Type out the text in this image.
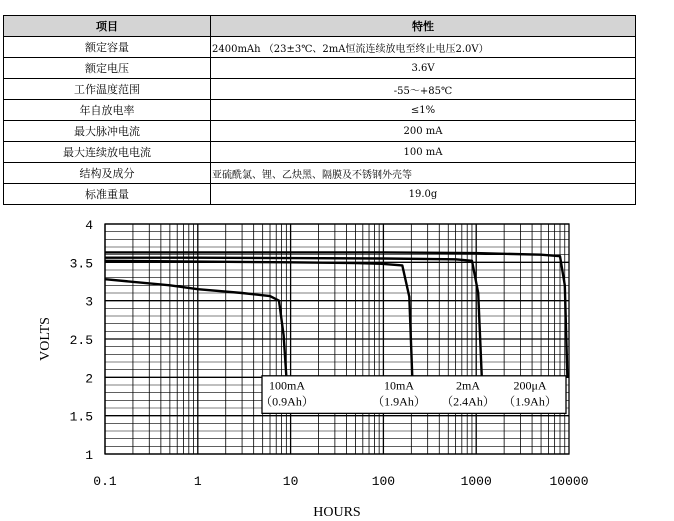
项目	特性
额定容量	2400mAh （23±3℃、2mA恒流连续放电至终止电压2.0V）
额定电压	3.6V
工作温度范围	-55～+85℃
年自放电率	≤1%
最大脉冲电流	200 mA
最大连续放电电流	100 mA
结构及成分	亚硫酰氯、锂、乙炔黑、隔膜及不锈钢外壳等
标准重量	19.0g
100mA
（0.9Ah）
10mA
（1.9Ah）
2mA
（2.4Ah）
200μA
（1.9Ah）
4
3.5
3
2.5
2
1.5
1
0.1	1	10	100	1000	10000
HOURS
VOLTS
